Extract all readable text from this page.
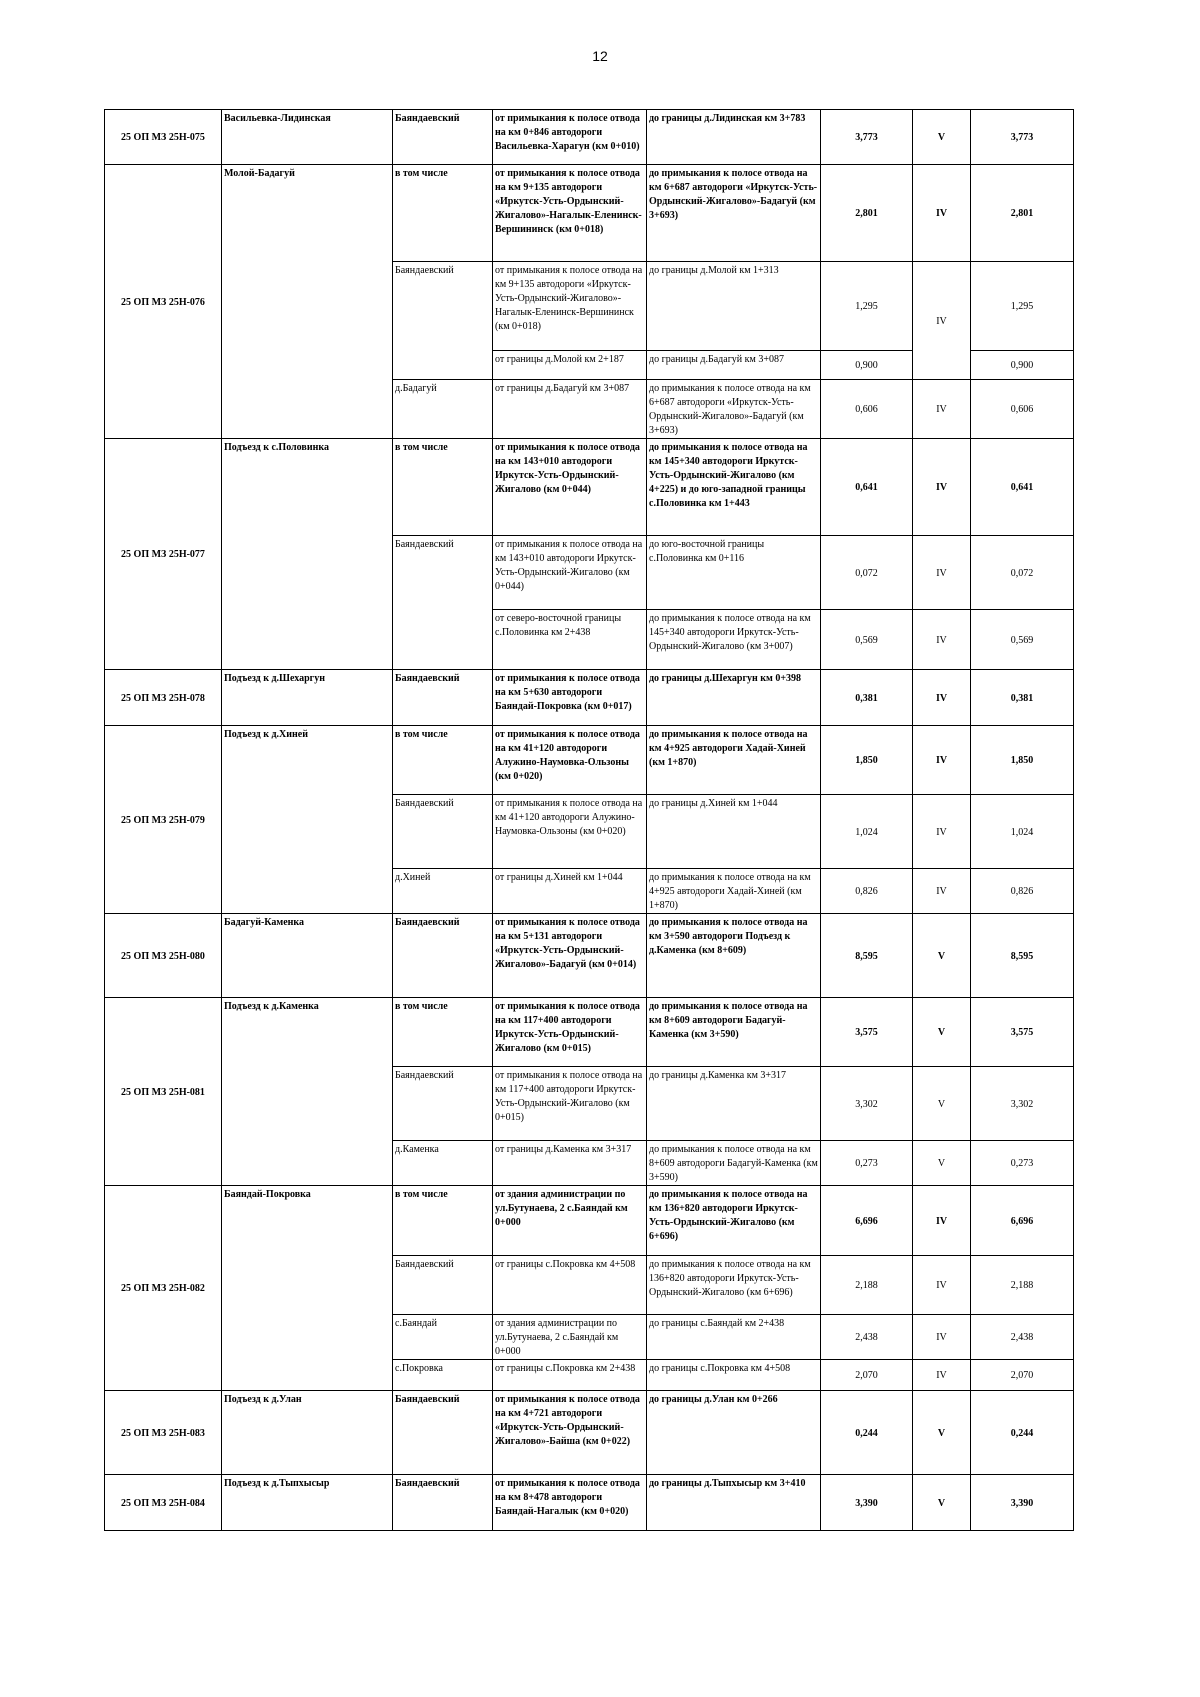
12
25 ОП МЗ 25Н-075	Васильевка-Лидинская	Баяндаевский	от примыкания к полосе отвода на км 0+846 автодороги Васильевка-Харагун (км 0+010)	до границы д.Лидинская км 3+783	3,773	V	3,773
25 ОП МЗ 25Н-076	Молой-Бадагуй	в том числе	от примыкания к полосе отвода на км 9+135 автодороги «Иркутск-Усть-Ордынский-Жигалово»-Нагалык-Еленинск-Вершининск (км 0+018)	до примыкания к полосе отвода на км 6+687 автодороги «Иркутск-Усть-Ордынский-Жигалово»-Бадагуй (км 3+693)	2,801	IV	2,801
		Баяндаевский	от примыкания к полосе отвода на км 9+135 автодороги «Иркутск-Усть-Ордынский-Жигалово»-Нагалык-Еленинск-Вершининск (км 0+018)	до границы д.Молой км 1+313	1,295	IV	1,295
			от границы д.Молой км 2+187	до границы д.Бадагуй км 3+087	0,900		0,900
		д.Бадагуй	от границы д.Бадагуй км 3+087	до примыкания к полосе отвода на км 6+687 автодороги «Иркутск-Усть-Ордынский-Жигалово»-Бадагуй (км 3+693)	0,606	IV	0,606
25 ОП МЗ 25Н-077	Подъезд к с.Половинка	в том числе	от примыкания к полосе отвода на км 143+010 автодороги Иркутск-Усть-Ордынский-Жигалово (км 0+044)	до примыкания к полосе отвода на км 145+340 автодороги Иркутск-Усть-Ордынский-Жигалово (км 4+225) и до юго-западной границы с.Половинка км 1+443	0,641	IV	0,641
		Баяндаевский	от примыкания к полосе отвода на км 143+010 автодороги Иркутск-Усть-Ордынский-Жигалово (км 0+044)	до юго-восточной границы с.Половинка км 0+116	0,072	IV	0,072
			от северо-восточной границы с.Половинка км 2+438	до примыкания к полосе отвода на км 145+340 автодороги Иркутск-Усть-Ордынский-Жигалово (км 3+007)	0,569	IV	0,569
25 ОП МЗ 25Н-078	Подъезд к д.Шехаргун	Баяндаевский	от примыкания к полосе отвода на км 5+630 автодороги Баяндай-Покровка (км 0+017)	до границы д.Шехаргун км 0+398	0,381	IV	0,381
25 ОП МЗ 25Н-079	Подъезд к д.Хиней	в том числе	от примыкания к полосе отвода на км 41+120 автодороги Алужино-Наумовка-Ользоны (км 0+020)	до примыкания к полосе отвода на км 4+925 автодороги Хадай-Хиней (км 1+870)	1,850	IV	1,850
		Баяндаевский	от примыкания к полосе отвода на км 41+120 автодороги Алужино-Наумовка-Ользоны (км 0+020)	до границы д.Хиней км 1+044	1,024	IV	1,024
		д.Хиней	от границы д.Хиней км 1+044	до примыкания к полосе отвода на км 4+925 автодороги Хадай-Хиней (км 1+870)	0,826	IV	0,826
25 ОП МЗ 25Н-080	Бадагуй-Каменка	Баяндаевский	от примыкания к полосе отвода на км 5+131 автодороги «Иркутск-Усть-Ордынский-Жигалово»-Бадагуй (км 0+014)	до примыкания к полосе отвода на км 3+590 автодороги Подъезд к д.Каменка (км 8+609)	8,595	V	8,595
25 ОП МЗ 25Н-081	Подъезд к д.Каменка	в том числе	от примыкания к полосе отвода на км 117+400 автодороги Иркутск-Усть-Ордынский-Жигалово (км 0+015)	до примыкания к полосе отвода на км 8+609 автодороги Бадагуй-Каменка (км 3+590)	3,575	V	3,575
		Баяндаевский	от примыкания к полосе отвода на км 117+400 автодороги Иркутск-Усть-Ордынский-Жигалово (км 0+015)	до границы д.Каменка км 3+317	3,302	V	3,302
		д.Каменка	от границы д.Каменка км 3+317	до примыкания к полосе отвода на км 8+609 автодороги Бадагуй-Каменка (км 3+590)	0,273	V	0,273
25 ОП МЗ 25Н-082	Баяндай-Покровка	в том числе	от здания администрации по ул.Бутунаева, 2 с.Баяндай км 0+000	до примыкания к полосе отвода на км 136+820 автодороги Иркутск-Усть-Ордынский-Жигалово (км 6+696)	6,696	IV	6,696
		Баяндаевский	от границы с.Покровка км 4+508	до примыкания к полосе отвода на км 136+820 автодороги Иркутск-Усть-Ордынский-Жигалово (км 6+696)	2,188	IV	2,188
		с.Баяндай	от здания администрации по ул.Бутунаева, 2 с.Баяндай км 0+000	до границы с.Баяндай км 2+438	2,438	IV	2,438
		с.Покровка	от границы с.Покровка км 2+438	до границы с.Покровка км 4+508	2,070	IV	2,070
25 ОП МЗ 25Н-083	Подъезд к д.Улан	Баяндаевский	от примыкания к полосе отвода на км 4+721 автодороги «Иркутск-Усть-Ордынский-Жигалово»-Байша (км 0+022)	до границы д.Улан км 0+266	0,244	V	0,244
25 ОП МЗ 25Н-084	Подъезд к д.Тыпхысыр	Баяндаевский	от примыкания к полосе отвода на км 8+478 автодороги Баяндай-Нагалык (км 0+020)	до границы д.Тыпхысыр км 3+410	3,390	V	3,390
